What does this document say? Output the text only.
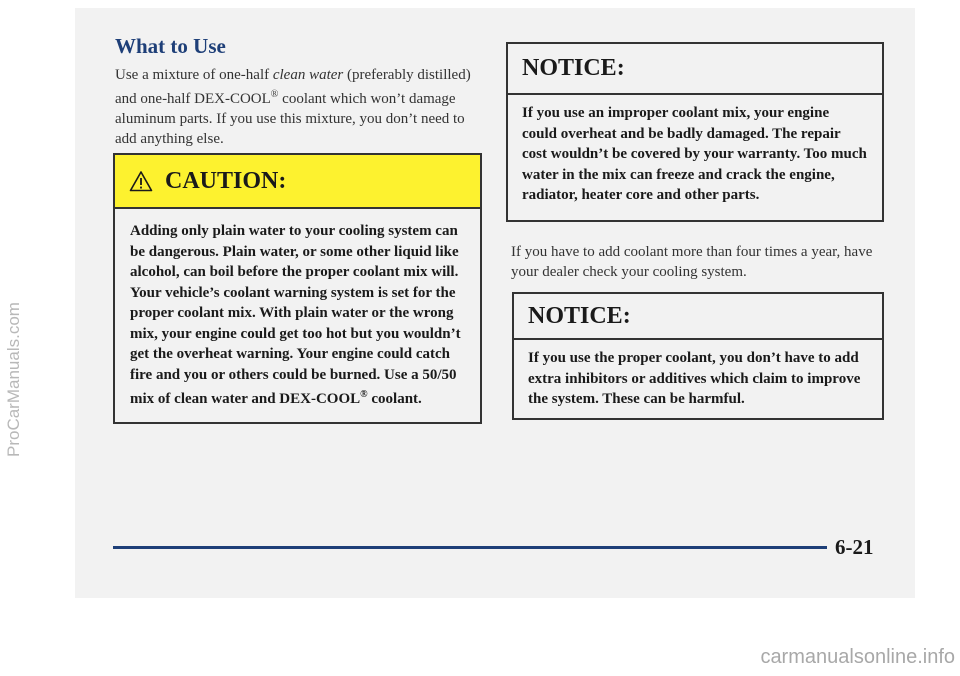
ProCarManuals.com
What to Use

Use a mixture of one-half clean water (preferably distilled) and one-half DEX-COOL® coolant which won’t damage aluminum parts. If you use this mixture, you don’t need to add anything else.

CAUTION:
Adding only plain water to your cooling system can be dangerous. Plain water, or some other liquid like alcohol, can boil before the proper coolant mix will. Your vehicle’s coolant warning system is set for the proper coolant mix. With plain water or the wrong mix, your engine could get too hot but you wouldn’t get the overheat warning. Your engine could catch fire and you or others could be burned. Use a 50/50 mix of clean water and DEX-COOL® coolant.
NOTICE:
If you use an improper coolant mix, your engine could overheat and be badly damaged. The repair cost wouldn’t be covered by your warranty. Too much water in the mix can freeze and crack the engine, radiator, heater core and other parts.

If you have to add coolant more than four times a year, have your dealer check your cooling system.

NOTICE:
If you use the proper coolant, you don’t have to add extra inhibitors or additives which claim to improve the system. These can be harmful.
6-21
carmanualsonline.info
